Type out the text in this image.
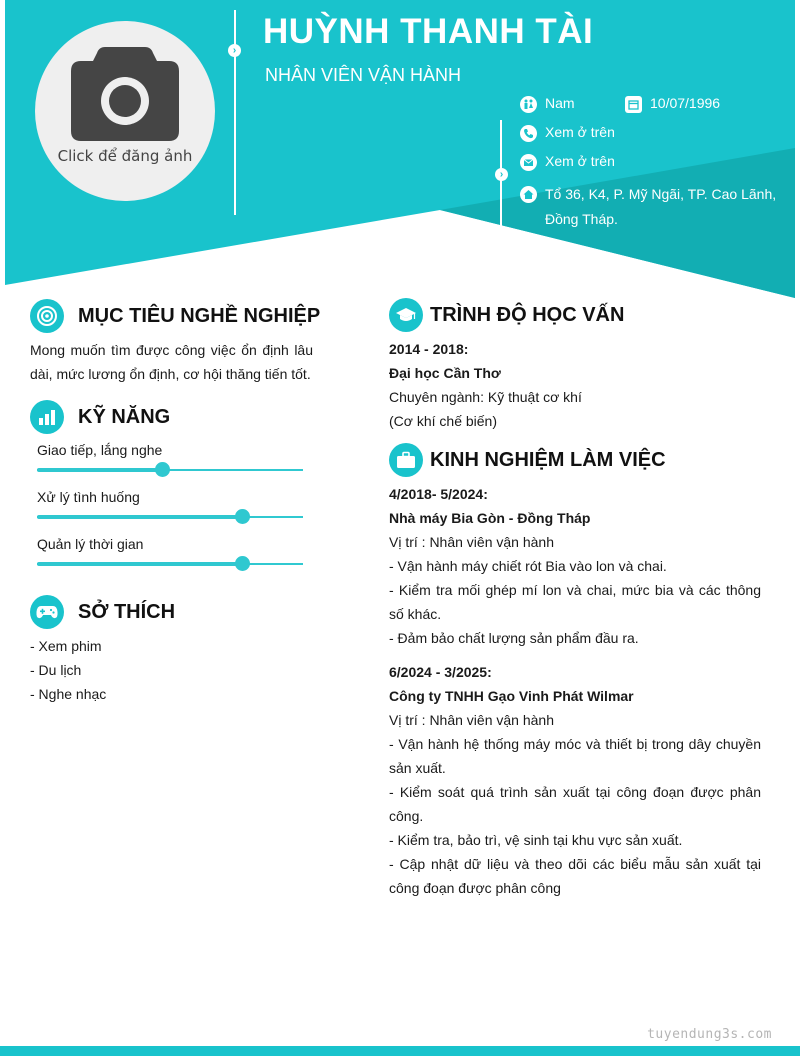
Click để đăng ảnh
› HUỲNH THANH TÀI
NHÂN VIÊN VẬN HÀNH
›
Nam	10/07/1996
Xem ở trên
Xem ở trên
Tổ 36, K4, P. Mỹ Ngãi, TP. Cao Lãnh,
Đồng Tháp.
MỤC TIÊU NGHỀ NGHIỆP
Mong muốn tìm được công việc ổn định lâu dài, mức lương ổn định, cơ hội thăng tiến tốt.
KỸ NĂNG
Giao tiếp, lắng nghe
Xử lý tình huống
Quản lý thời gian
SỞ THÍCH
- Xem phim
- Du lịch
- Nghe nhạc
TRÌNH ĐỘ HỌC VẤN
2014 - 2018:
Đại học Cần Thơ
Chuyên ngành: Kỹ thuật cơ khí
(Cơ khí chế biến)
KINH NGHIỆM LÀM VIỆC
4/2018- 5/2024:
Nhà máy Bia Gòn - Đồng Tháp
Vị trí : Nhân viên vận hành
- Vận hành máy chiết rót Bia vào lon và chai.
- Kiểm tra mối ghép mí lon và chai, mức bia và các thông số khác.
- Đảm bảo chất lượng sản phẩm đầu ra.
6/2024 - 3/2025:
Công ty TNHH Gạo Vinh Phát Wilmar
Vị trí : Nhân viên vận hành
- Vận hành hệ thống máy móc và thiết bị trong dây chuyền sản xuất.
- Kiểm soát quá trình sản xuất tại công đoạn được phân công.
- Kiểm tra, bảo trì, vệ sinh tại khu vực sản xuất.
- Cập nhật dữ liệu và theo dõi các biểu mẫu sản xuất tại công đoạn được phân công
tuyendung3s.com
